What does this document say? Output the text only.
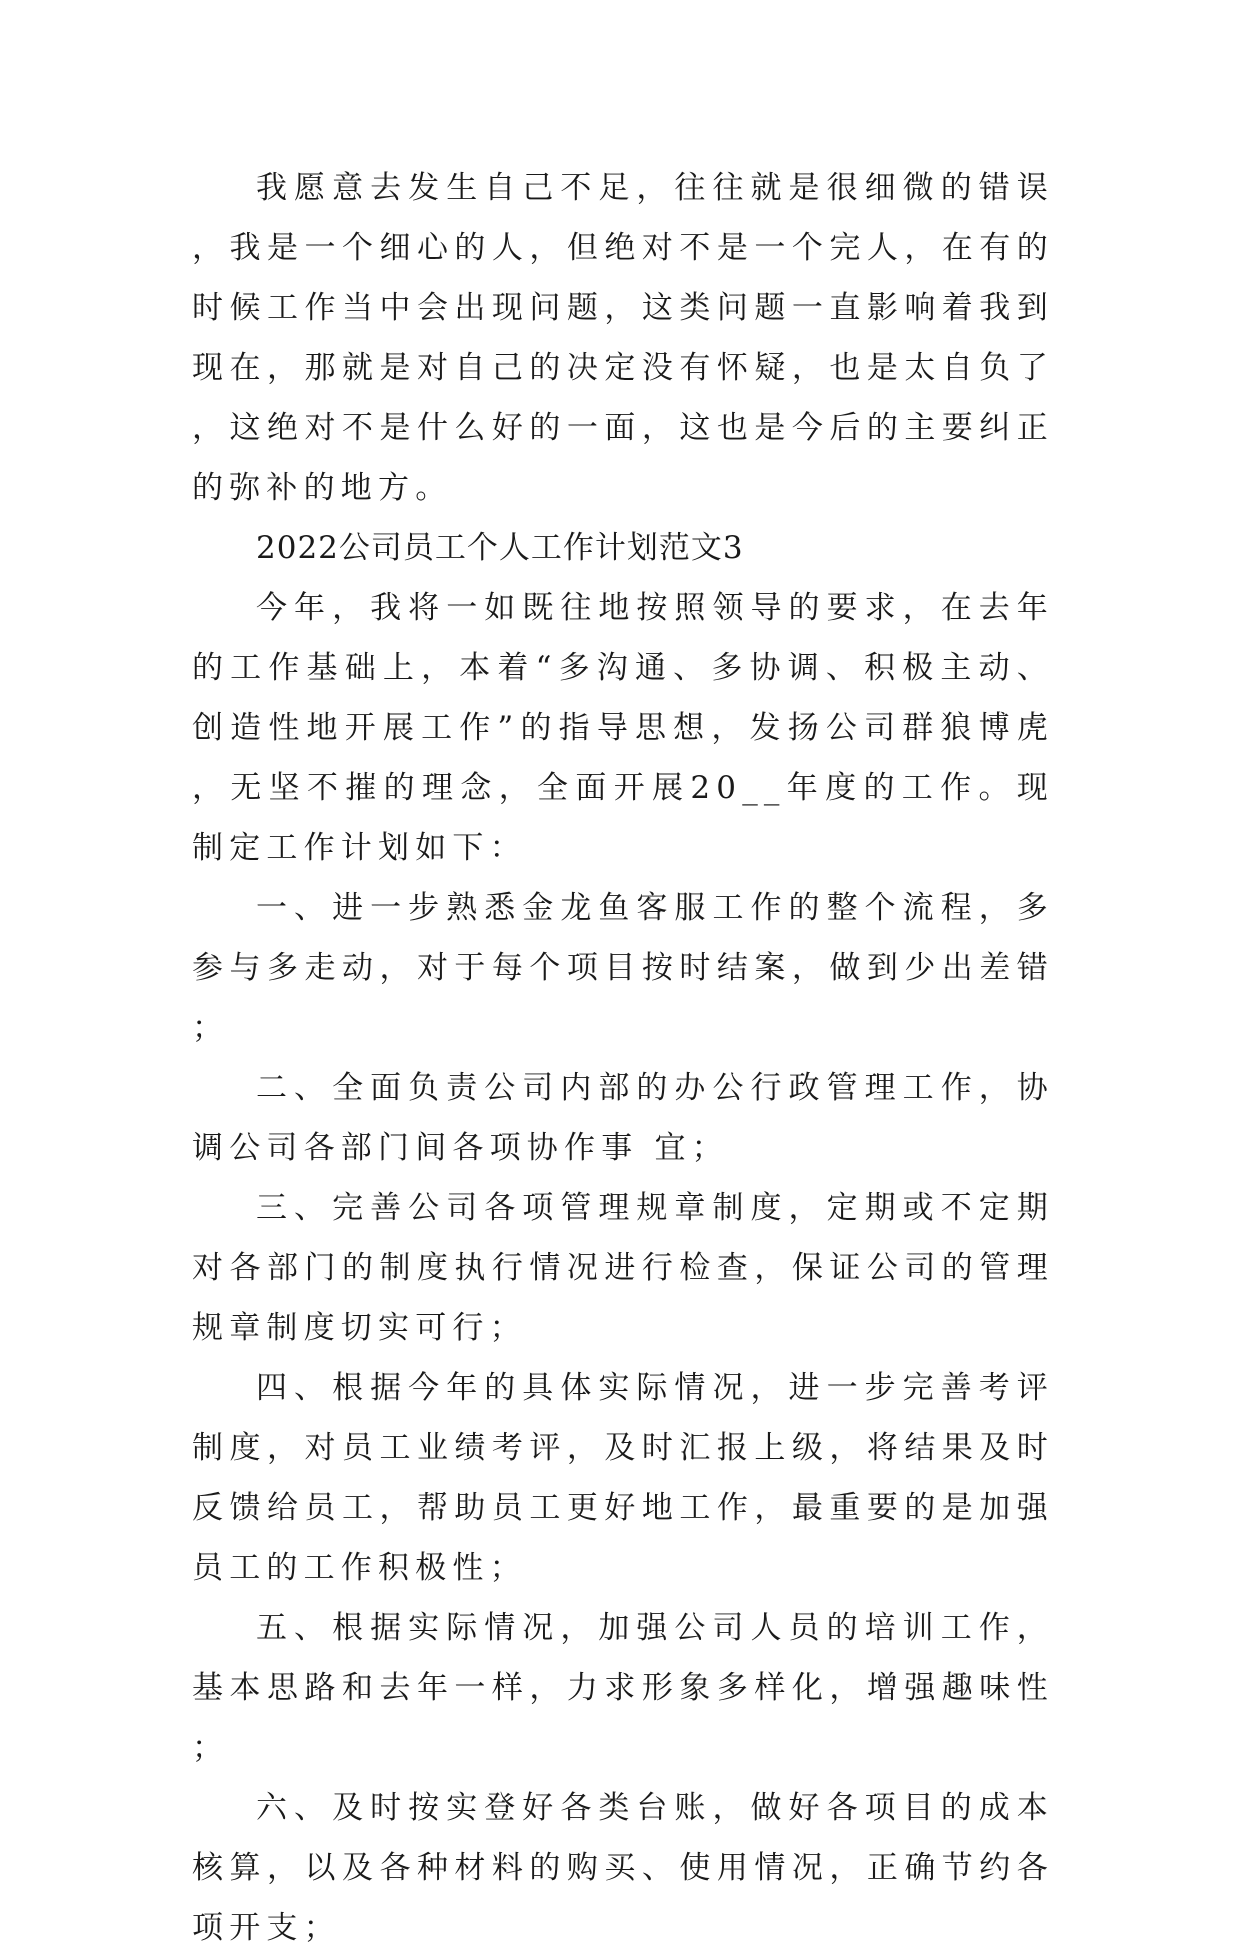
我愿意去发生自己不足，往往就是很细微的错误，我是一个细心的人，但绝对不是一个完人，在有的时候工作当中会出现问题，这类问题一直影响着我到现在，那就是对自己的决定没有怀疑，也是太自负了，这绝对不是什么好的一面，这也是今后的主要纠正的弥补的地方。

2022公司员工个人工作计划范文3

今年，我将一如既往地按照领导的要求，在去年的工作基础上，本着“多沟通、多协调、积极主动、创造性地开展工作”的指导思想，发扬公司群狼博虎，无坚不摧的理念，全面开展20__年度的工作。现制定工作计划如下：

一、进一步熟悉金龙鱼客服工作的整个流程，多参与多走动，对于每个项目按时结案，做到少出差错；

二、全面负责公司内部的办公行政管理工作，协调公司各部门间各项协作事 宜；

三、完善公司各项管理规章制度，定期或不定期对各部门的制度执行情况进行检查，保证公司的管理规章制度切实可行；

四、根据今年的具体实际情况，进一步完善考评制度，对员工业绩考评，及时汇报上级，将结果及时反馈给员工，帮助员工更好地工作，最重要的是加强员工的工作积极性；

五、根据实际情况，加强公司人员的培训工作，基本思路和去年一样，力求形象多样化，增强趣味性；

六、及时按实登好各类台账，做好各项目的成本核算，以及各种材料的购买、使用情况，正确节约各项开支；
